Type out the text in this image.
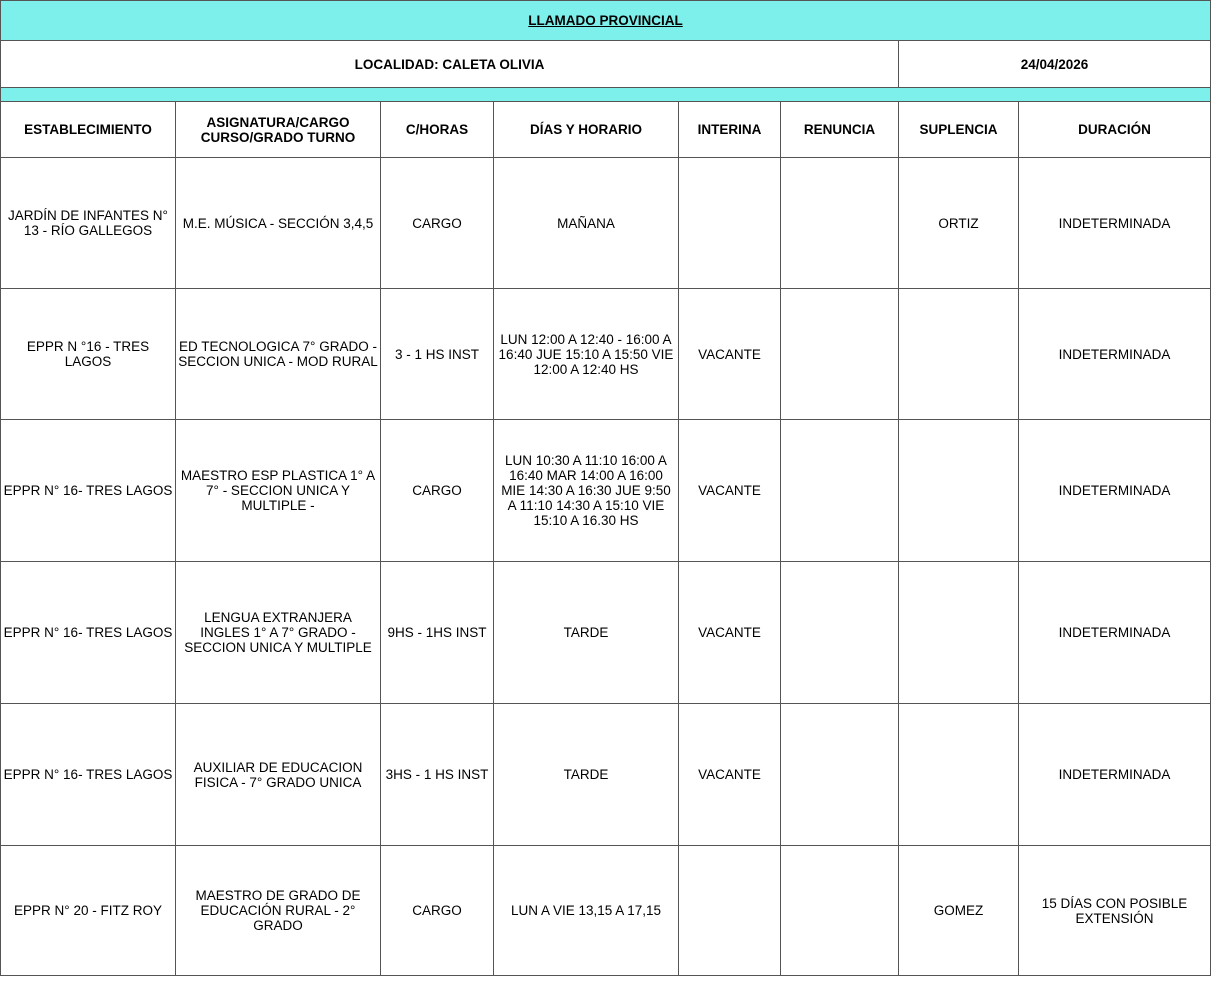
LLAMADO PROVINCIAL							
LOCALIDAD: CALETA OLIVIA						24/04/2026	

ESTABLECIMIENTO	ASIGNATURA/CARGO CURSO/GRADO TURNO	C/HORAS	DÍAS Y HORARIO	INTERINA	RENUNCIA	SUPLENCIA	DURACIÓN
JARDÍN DE INFANTES N° 13 - RÍO GALLEGOS	M.E. MÚSICA - SECCIÓN 3,4,5	CARGO	MAÑANA			ORTIZ	INDETERMINADA
EPPR N °16 - TRES LAGOS	ED TECNOLOGICA 7° GRADO - SECCION UNICA - MOD RURAL	3 - 1 HS INST	LUN 12:00 A 12:40 - 16:00 A 16:40 JUE 15:10 A 15:50 VIE 12:00 A 12:40 HS	VACANTE			INDETERMINADA
EPPR N° 16- TRES LAGOS	MAESTRO ESP PLASTICA 1° A 7° - SECCION UNICA Y MULTIPLE -	CARGO	LUN 10:30 A 11:10 16:00 A 16:40 MAR 14:00 A 16:00 MIE 14:30 A 16:30 JUE 9:50 A 11:10 14:30 A 15:10 VIE 15:10 A 16.30 HS	VACANTE			INDETERMINADA
EPPR N° 16- TRES LAGOS	LENGUA EXTRANJERA INGLES 1° A 7° GRADO - SECCION UNICA Y MULTIPLE	9HS - 1HS INST	TARDE	VACANTE			INDETERMINADA
EPPR N° 16- TRES LAGOS	AUXILIAR DE EDUCACION FISICA - 7° GRADO UNICA	3HS - 1 HS INST	TARDE	VACANTE			INDETERMINADA
EPPR N° 20 - FITZ ROY	MAESTRO DE GRADO DE EDUCACIÓN RURAL - 2° GRADO	CARGO	LUN A VIE 13,15 A 17,15			GOMEZ	15 DÍAS CON POSIBLE EXTENSIÓN
